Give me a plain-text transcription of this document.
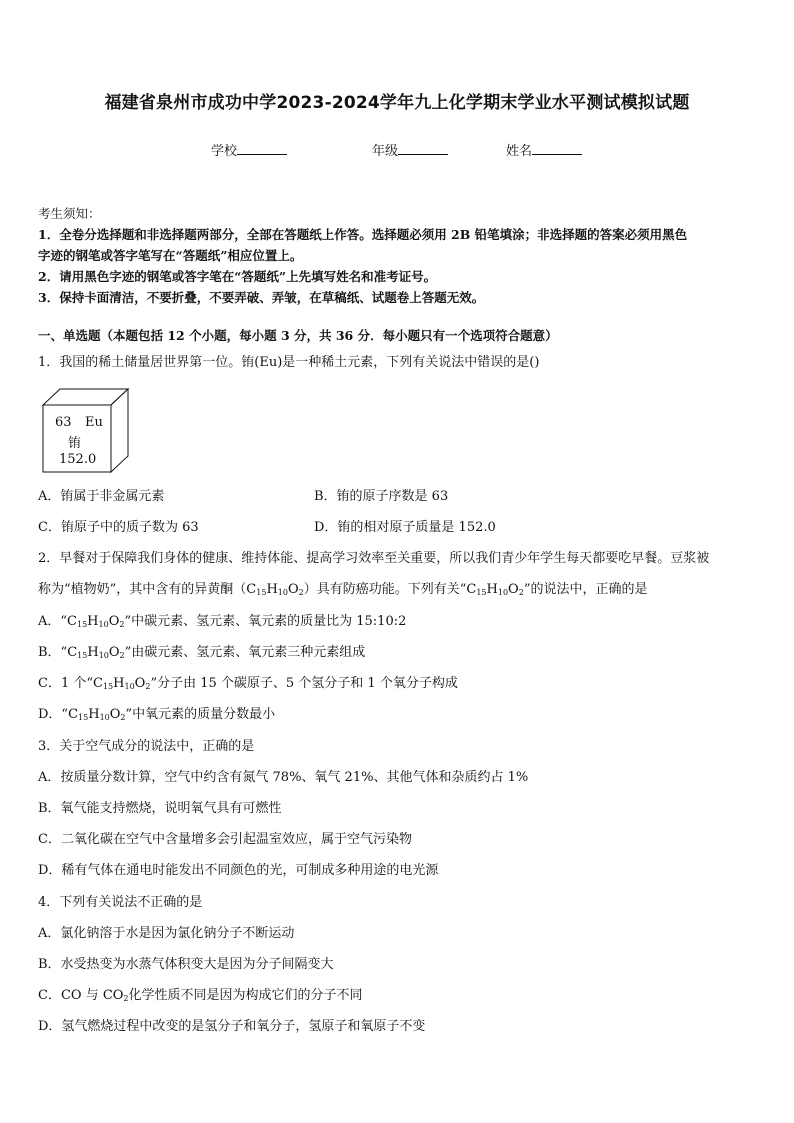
福建省泉州市成功中学2023-2024学年九上化学期末学业水平测试模拟试题
学校	年级	姓名
考生须知：
1．全卷分选择题和非选择题两部分，全部在答题纸上作答。选择题必须用 2B 铅笔填涂；非选择题的答案必须用黑色
字迹的钢笔或答字笔写在“答题纸”相应位置上。
2．请用黑色字迹的钢笔或答字笔在“答题纸”上先填写姓名和准考证号。
3．保持卡面清洁，不要折叠，不要弄破、弄皱，在草稿纸、试题卷上答题无效。
一、单选题（本题包括 12 个小题，每小题 3 分，共 36 分．每小题只有一个选项符合题意）
1．我国的稀土储量居世界第一位。铕(Eu)是一种稀土元素，下列有关说法中错误的是()
63 Eu
铕
152.0
A．铕属于非金属元素	B．铕的原子序数是 63
C．铕原子中的质子数为 63	D．铕的相对原子质量是 152.0
2．早餐对于保障我们身体的健康、维持体能、提高学习效率至关重要，所以我们青少年学生每天都要吃早餐。豆浆被
称为“植物奶”，其中含有的异黄酮$(C_{15}H_{10}O_2)$具有防癌功能。下列有关“$C_{15}H_{10}O_2$”的说法中，正确的是
A．“$C_{15}H_{10}O_2$”中碳元素、氢元素、氧元素的质量比为 15:10:2
B．“$C_{15}H_{10}O_2$”由碳元素、氢元素、氧元素三种元素组成
C．1 个“$C_{15}H_{10}O_2$”分子由 15 个碳原子、5 个氢分子和 1 个氧分子构成
D．“$C_{15}H_{10}O_2$”中氧元素的质量分数最小
3．关于空气成分的说法中，正确的是
A．按质量分数计算，空气中约含有氮气 78%、氧气 21%、其他气体和杂质约占 1%
B．氧气能支持燃烧，说明氧气具有可燃性
C．二氧化碳在空气中含量增多会引起温室效应，属于空气污染物
D．稀有气体在通电时能发出不同颜色的光，可制成多种用途的电光源
4．下列有关说法不正确的是
A．氯化钠溶于水是因为氯化钠分子不断运动
B．水受热变为水蒸气体积变大是因为分子间隔变大
C．CO 与 $CO_2$化学性质不同是因为构成它们的分子不同
D．氢气燃烧过程中改变的是氢分子和氧分子，氢原子和氧原子不变
